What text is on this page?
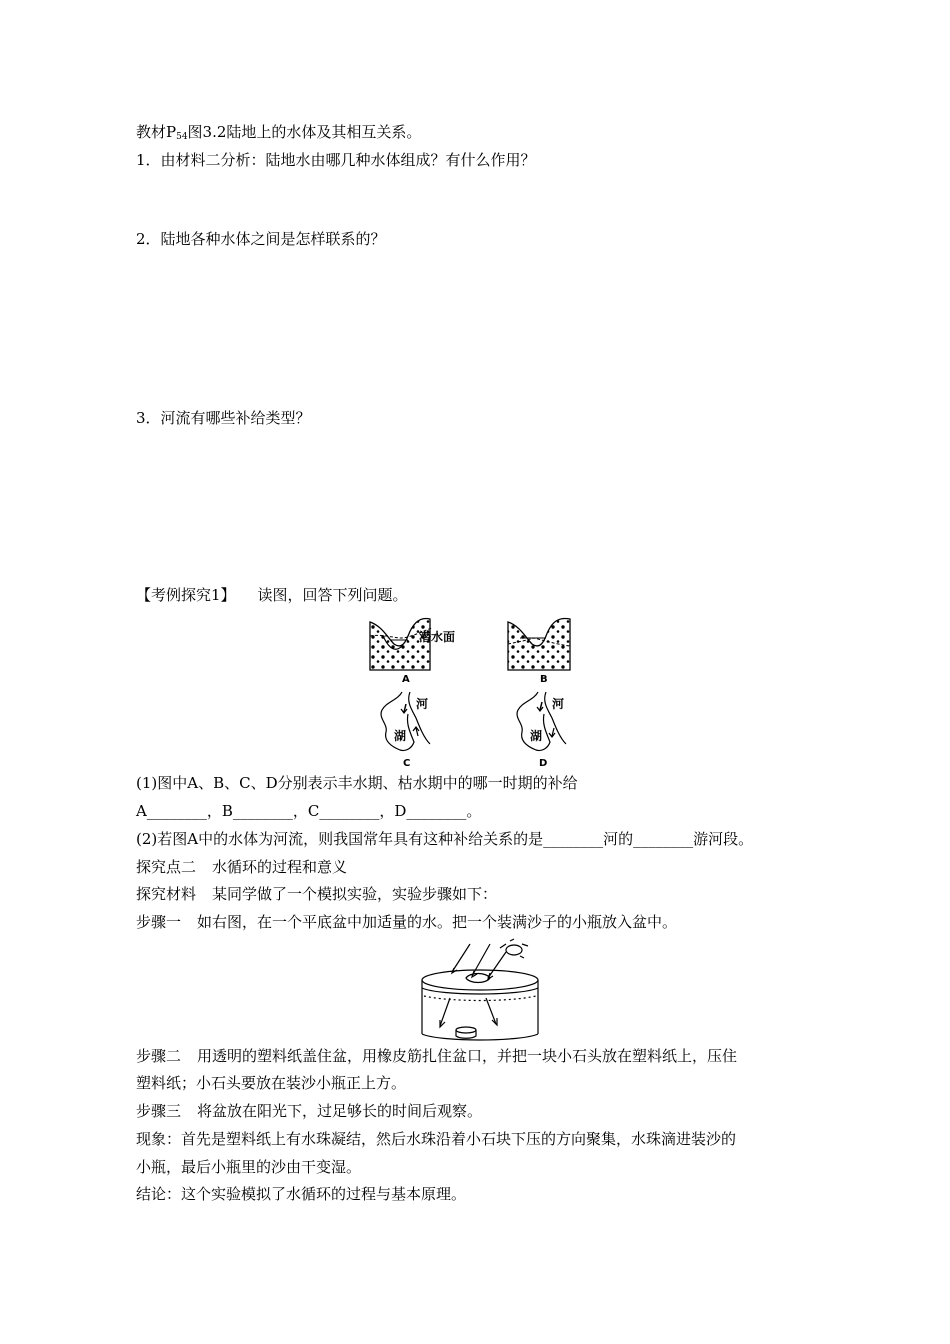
教材$P_{54}$图3.2陆地上的水体及其相互关系。
1．由材料二分析：陆地水由哪几种水体组成？有什么作用？
2．陆地各种水体之间是怎样联系的？
3．河流有哪些补给类型？
【考例探究1】 读图，回答下列问题。
潜水面
A	B
河
湖
C
河
湖
D
(1)图中A、B、C、D分别表示丰水期、枯水期中的哪一时期的补给
A________，B________，C________，D________。
(2)若图A中的水体为河流，则我国常年具有这种补给关系的是________河的________游河段。
探究点二 水循环的过程和意义
探究材料 某同学做了一个模拟实验，实验步骤如下：
步骤一 如右图，在一个平底盆中加适量的水。把一个装满沙子的小瓶放入盆中。
步骤二 用透明的塑料纸盖住盆，用橡皮筋扎住盆口，并把一块小石头放在塑料纸上，压住
塑料纸；小石头要放在装沙小瓶正上方。
步骤三 将盆放在阳光下，过足够长的时间后观察。
现象：首先是塑料纸上有水珠凝结，然后水珠沿着小石块下压的方向聚集，水珠滴进装沙的
小瓶，最后小瓶里的沙由干变湿。
结论：这个实验模拟了水循环的过程与基本原理。
